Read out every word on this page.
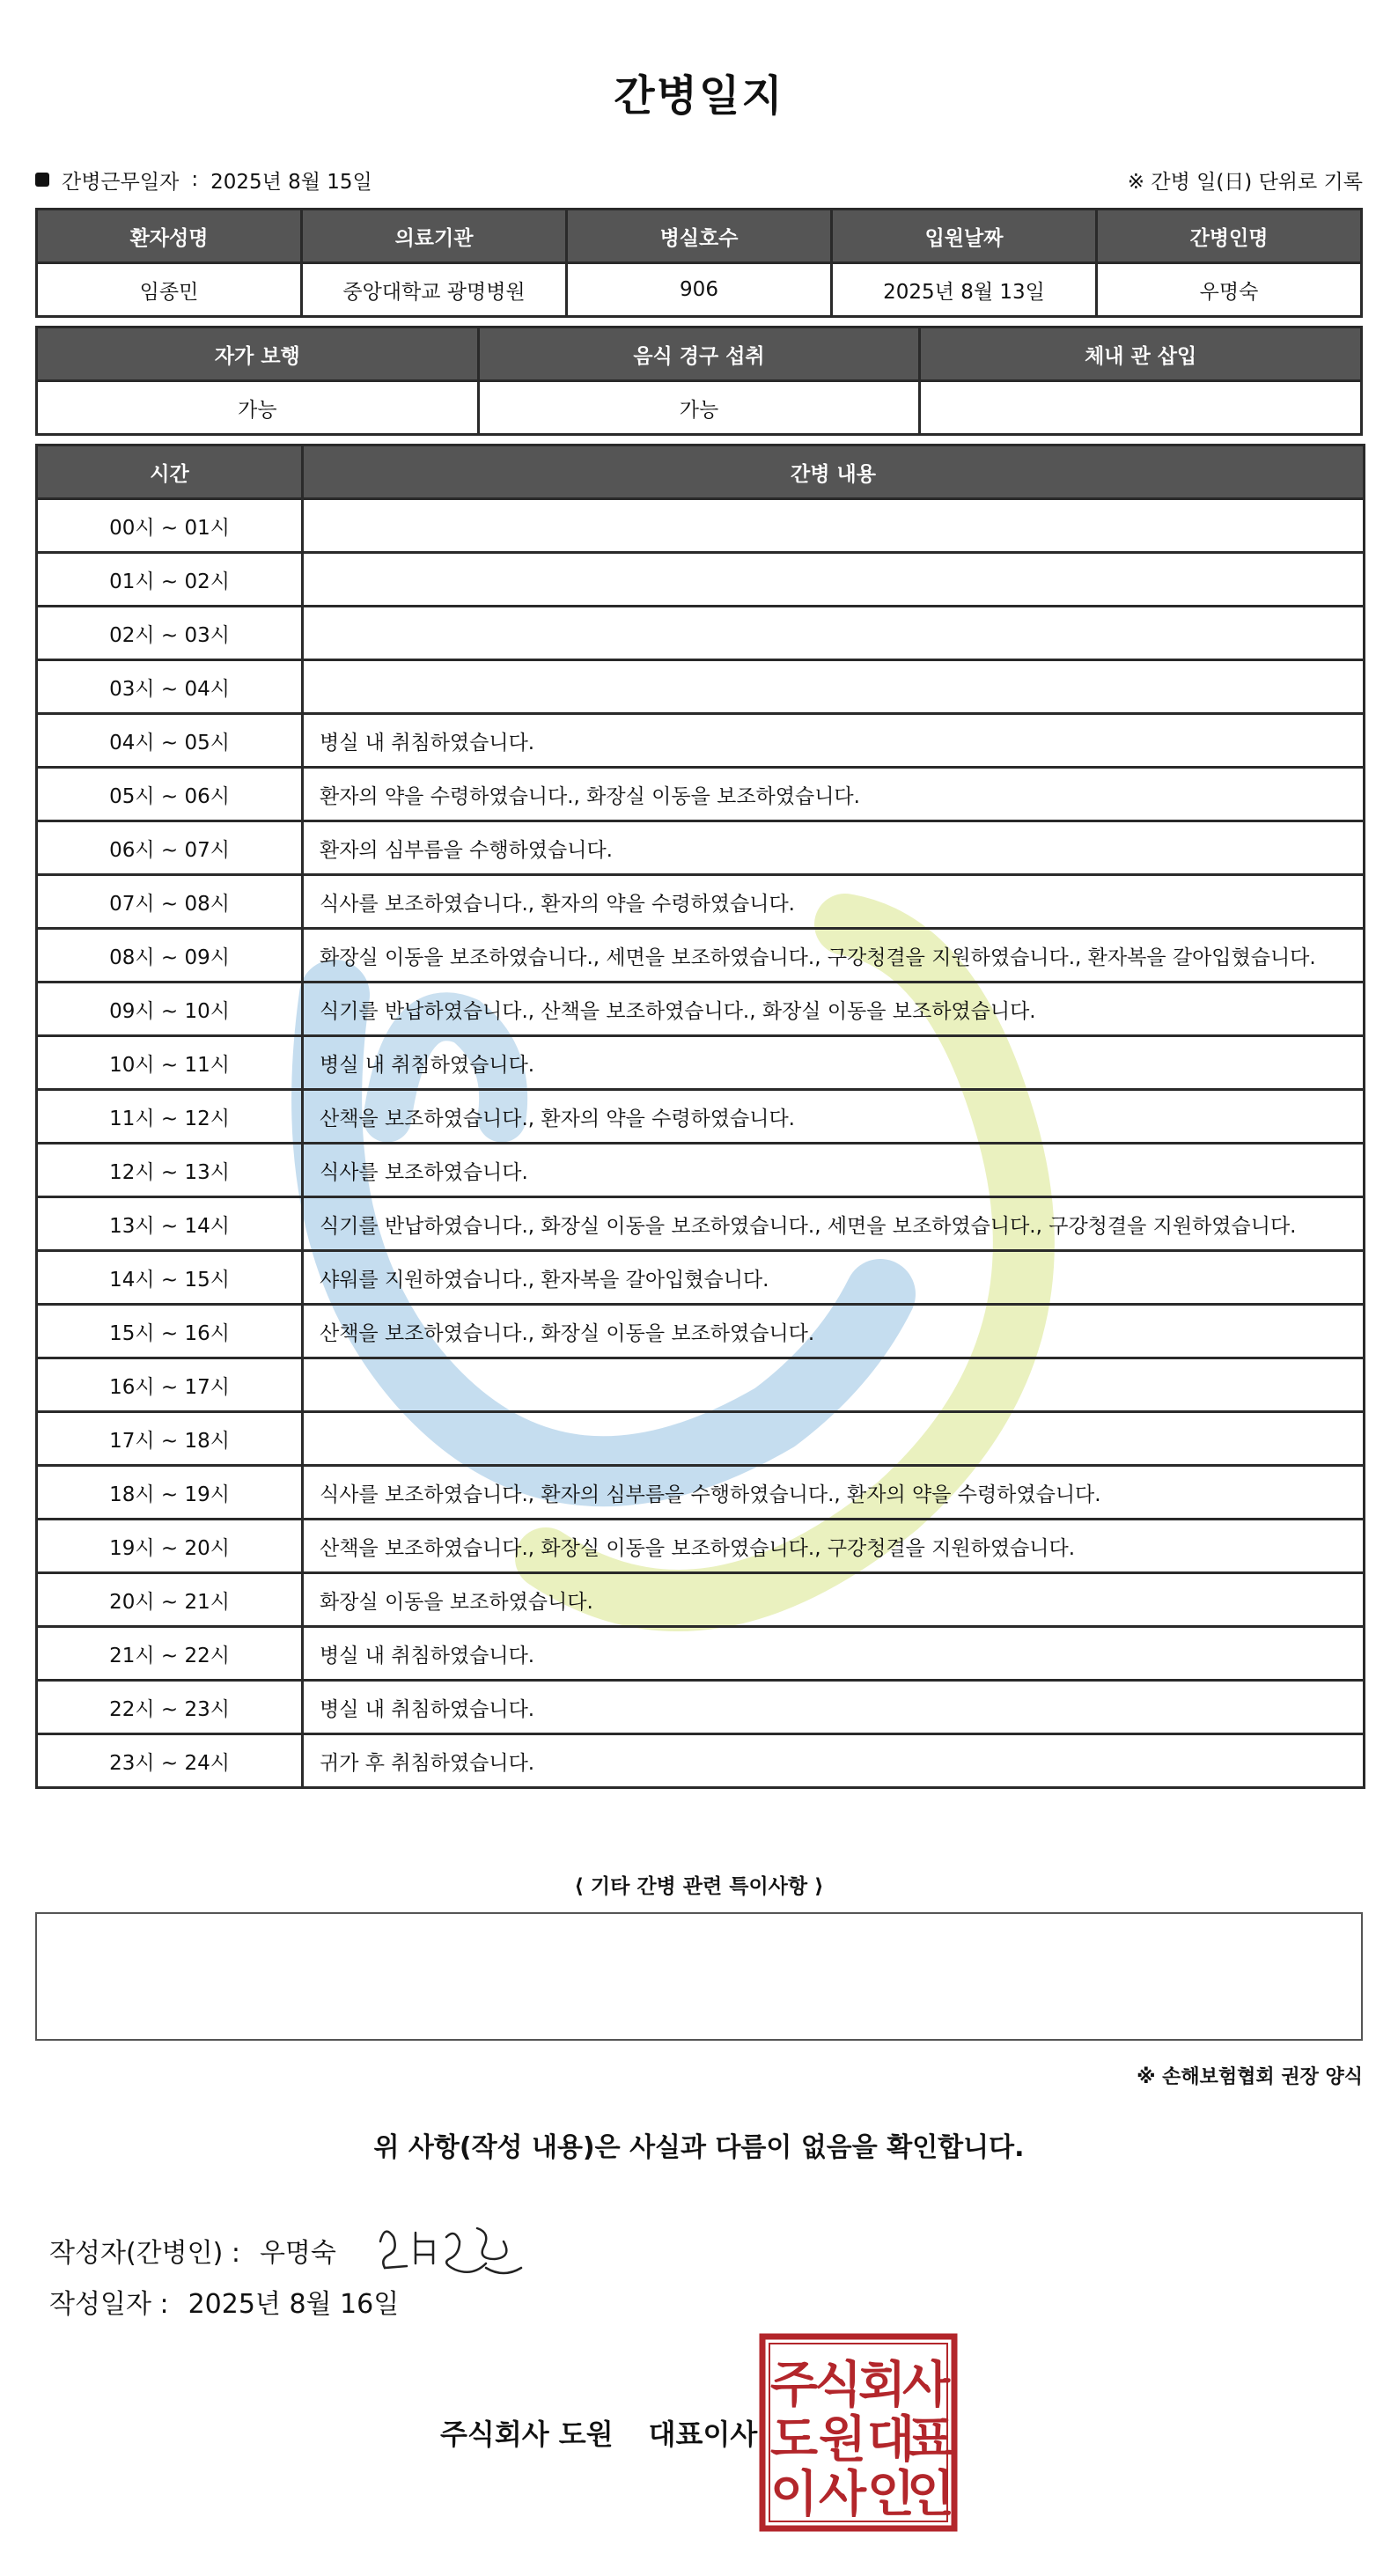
간병일지
간병근무일자 : 2025년 8월 15일	※ 간병 일(日) 단위로 기록
환자성명	의료기관	병실호수	입원날짜	간병인명
임종민	중앙대학교 광명병원	906	2025년 8월 13일	우명숙
자가 보행	음식 경구 섭취	체내 관 삽입
가능	가능	
시간	간병 내용
00시 ~ 01시	
01시 ~ 02시	
02시 ~ 03시	
03시 ~ 04시	
04시 ~ 05시	병실 내 취침하였습니다.
05시 ~ 06시	환자의 약을 수령하였습니다., 화장실 이동을 보조하였습니다.
06시 ~ 07시	환자의 심부름을 수행하였습니다.
07시 ~ 08시	식사를 보조하였습니다., 환자의 약을 수령하였습니다.
08시 ~ 09시	화장실 이동을 보조하였습니다., 세면을 보조하였습니다., 구강청결을 지원하였습니다., 환자복을 갈아입혔습니다.
09시 ~ 10시	식기를 반납하였습니다., 산책을 보조하였습니다., 화장실 이동을 보조하였습니다.
10시 ~ 11시	병실 내 취침하였습니다.
11시 ~ 12시	산책을 보조하였습니다., 환자의 약을 수령하였습니다.
12시 ~ 13시	식사를 보조하였습니다.
13시 ~ 14시	식기를 반납하였습니다., 화장실 이동을 보조하였습니다., 세면을 보조하였습니다., 구강청결을 지원하였습니다.
14시 ~ 15시	샤워를 지원하였습니다., 환자복을 갈아입혔습니다.
15시 ~ 16시	산책을 보조하였습니다., 화장실 이동을 보조하였습니다.
16시 ~ 17시	
17시 ~ 18시	
18시 ~ 19시	식사를 보조하였습니다., 환자의 심부름을 수행하였습니다., 환자의 약을 수령하였습니다.
19시 ~ 20시	산책을 보조하였습니다., 화장실 이동을 보조하였습니다., 구강청결을 지원하였습니다.
20시 ~ 21시	화장실 이동을 보조하였습니다.
21시 ~ 22시	병실 내 취침하였습니다.
22시 ~ 23시	병실 내 취침하였습니다.
23시 ~ 24시	귀가 후 취침하였습니다.
⟨ 기타 간병 관련 특이사항 ⟩
※ 손해보험협회 권장 양식
위 사항(작성 내용)은 사실과 다름이 없음을 확인합니다.
작성자(간병인) : 우명숙
작성일자 : 2025년 8월 16일
주식회사 도원 대표이사
주
식
회
사
도 원 대
표
이 사 인
인
